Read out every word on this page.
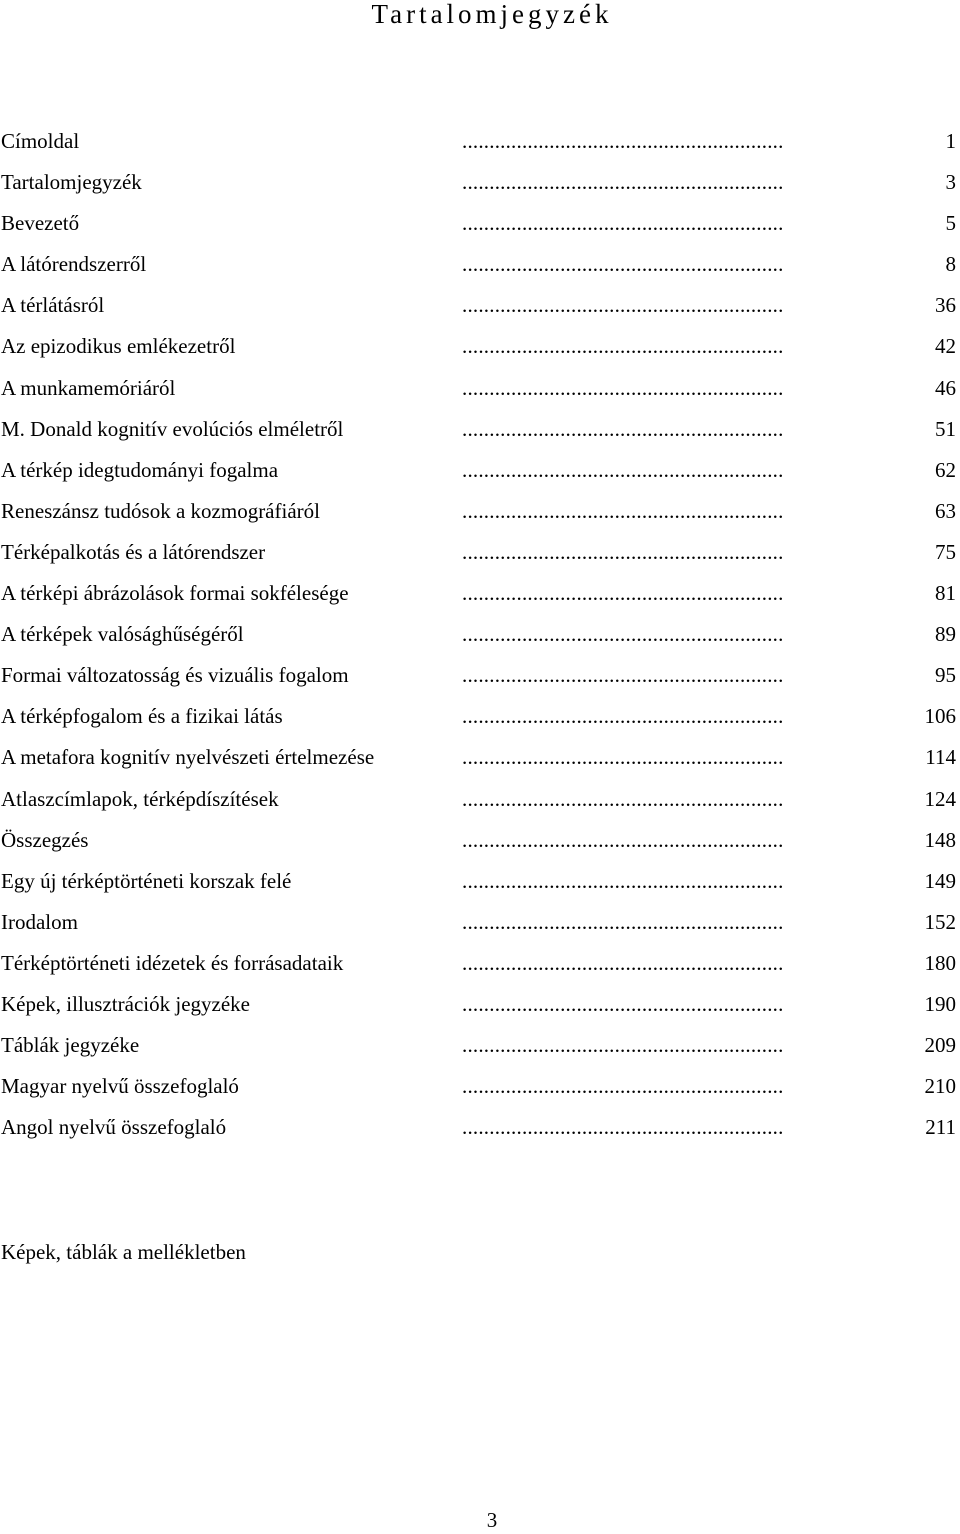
Tartalomjegyzék
Címoldal	...........................................................	1
Tartalomjegyzék	...........................................................	3
Bevezető	...........................................................	5
A látórendszerről	...........................................................	8
A térlátásról	...........................................................	36
Az epizodikus emlékezetről	...........................................................	42
A munkamemóriáról	...........................................................	46
M. Donald kognitív evolúciós elméletről	...........................................................	51
A térkép idegtudományi fogalma	...........................................................	62
Reneszánsz tudósok a kozmográfiáról	...........................................................	63
Térképalkotás és a látórendszer	...........................................................	75
A térképi ábrázolások formai sokfélesége	...........................................................	81
A térképek valósághűségéről	...........................................................	89
Formai változatosság és vizuális fogalom	...........................................................	95
A térképfogalom és a fizikai látás	...........................................................	106
A metafora kognitív nyelvészeti értelmezése	...........................................................	114
Atlaszcímlapok, térképdíszítések	...........................................................	124
Összegzés	...........................................................	148
Egy új térképtörténeti korszak felé	...........................................................	149
Irodalom	...........................................................	152
Térképtörténeti idézetek és forrásadataik	...........................................................	180
Képek, illusztrációk jegyzéke	...........................................................	190
Táblák jegyzéke	...........................................................	209
Magyar nyelvű összefoglaló	...........................................................	210
Angol nyelvű összefoglaló	...........................................................	211
Képek, táblák a mellékletben
3
